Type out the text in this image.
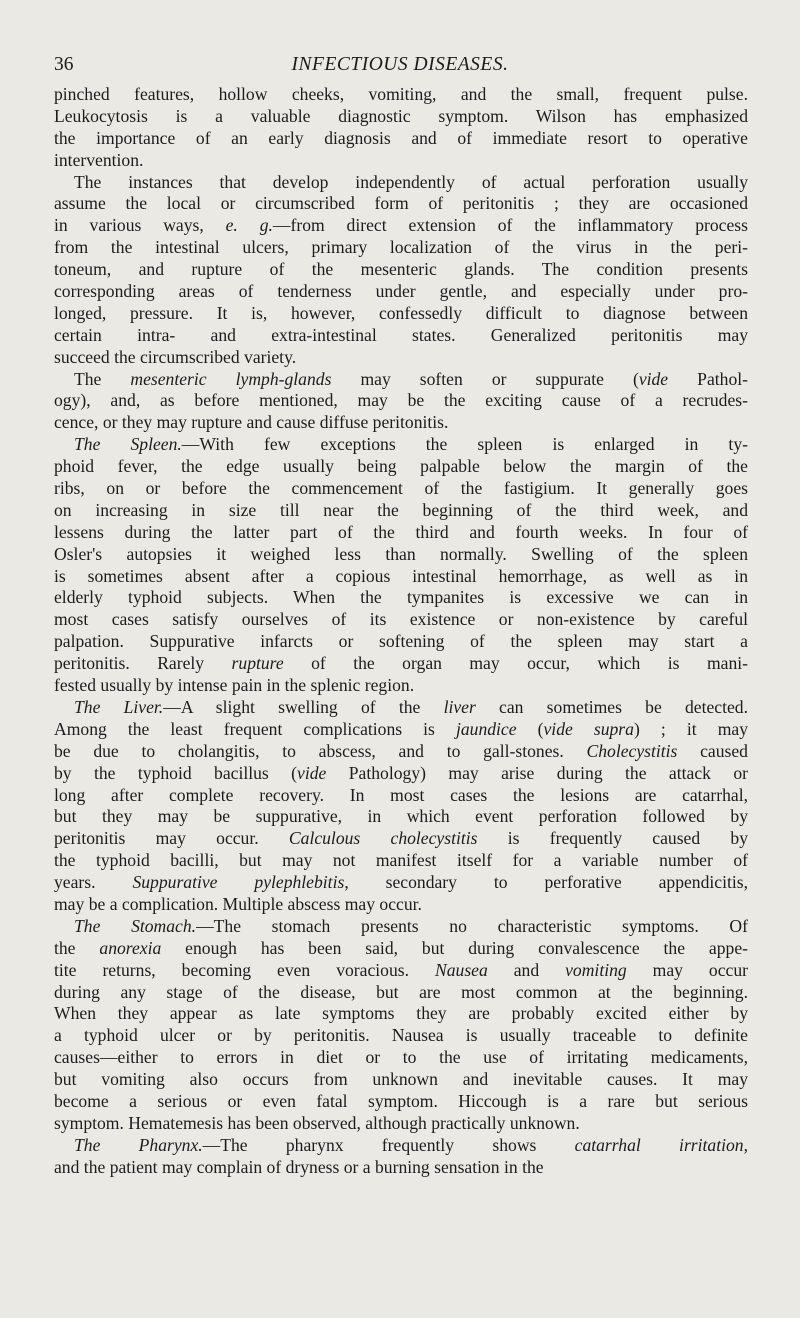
36	INFECTIOUS DISEASES.
pinched features, hollow cheeks, vomiting, and the small, frequent pulse.
Leukocytosis is a valuable diagnostic symptom. Wilson has emphasized
the importance of an early diagnosis and of immediate resort to operative
intervention.
The instances that develop independently of actual perforation usually
assume the local or circumscribed form of peritonitis ; they are occasioned
in various ways, e. g.—from direct extension of the inflammatory process
from the intestinal ulcers, primary localization of the virus in the peri-
toneum, and rupture of the mesenteric glands. The condition presents
corresponding areas of tenderness under gentle, and especially under pro-
longed, pressure. It is, however, confessedly difficult to diagnose between
certain intra- and extra-intestinal states. Generalized peritonitis may
succeed the circumscribed variety.
The mesenteric lymph-glands may soften or suppurate (vide Pathol-
ogy), and, as before mentioned, may be the exciting cause of a recrudes-
cence, or they may rupture and cause diffuse peritonitis.
The Spleen.—With few exceptions the spleen is enlarged in ty-
phoid fever, the edge usually being palpable below the margin of the
ribs, on or before the commencement of the fastigium. It generally goes
on increasing in size till near the beginning of the third week, and
lessens during the latter part of the third and fourth weeks. In four of
Osler's autopsies it weighed less than normally. Swelling of the spleen
is sometimes absent after a copious intestinal hemorrhage, as well as in
elderly typhoid subjects. When the tympanites is excessive we can in
most cases satisfy ourselves of its existence or non-existence by careful
palpation. Suppurative infarcts or softening of the spleen may start a
peritonitis. Rarely rupture of the organ may occur, which is mani-
fested usually by intense pain in the splenic region.
The Liver.—A slight swelling of the liver can sometimes be detected.
Among the least frequent complications is jaundice (vide supra) ; it may
be due to cholangitis, to abscess, and to gall-stones. Cholecystitis caused
by the typhoid bacillus (vide Pathology) may arise during the attack or
long after complete recovery. In most cases the lesions are catarrhal,
but they may be suppurative, in which event perforation followed by
peritonitis may occur. Calculous cholecystitis is frequently caused by
the typhoid bacilli, but may not manifest itself for a variable number of
years. Suppurative pylephlebitis, secondary to perforative appendicitis,
may be a complication. Multiple abscess may occur.
The Stomach.—The stomach presents no characteristic symptoms. Of
the anorexia enough has been said, but during convalescence the appe-
tite returns, becoming even voracious. Nausea and vomiting may occur
during any stage of the disease, but are most common at the beginning.
When they appear as late symptoms they are probably excited either by
a typhoid ulcer or by peritonitis. Nausea is usually traceable to definite
causes—either to errors in diet or to the use of irritating medicaments,
but vomiting also occurs from unknown and inevitable causes. It may
become a serious or even fatal symptom. Hiccough is a rare but serious
symptom. Hematemesis has been observed, although practically unknown.
The Pharynx.—The pharynx frequently shows catarrhal irritation,
and the patient may complain of dryness or a burning sensation in the
